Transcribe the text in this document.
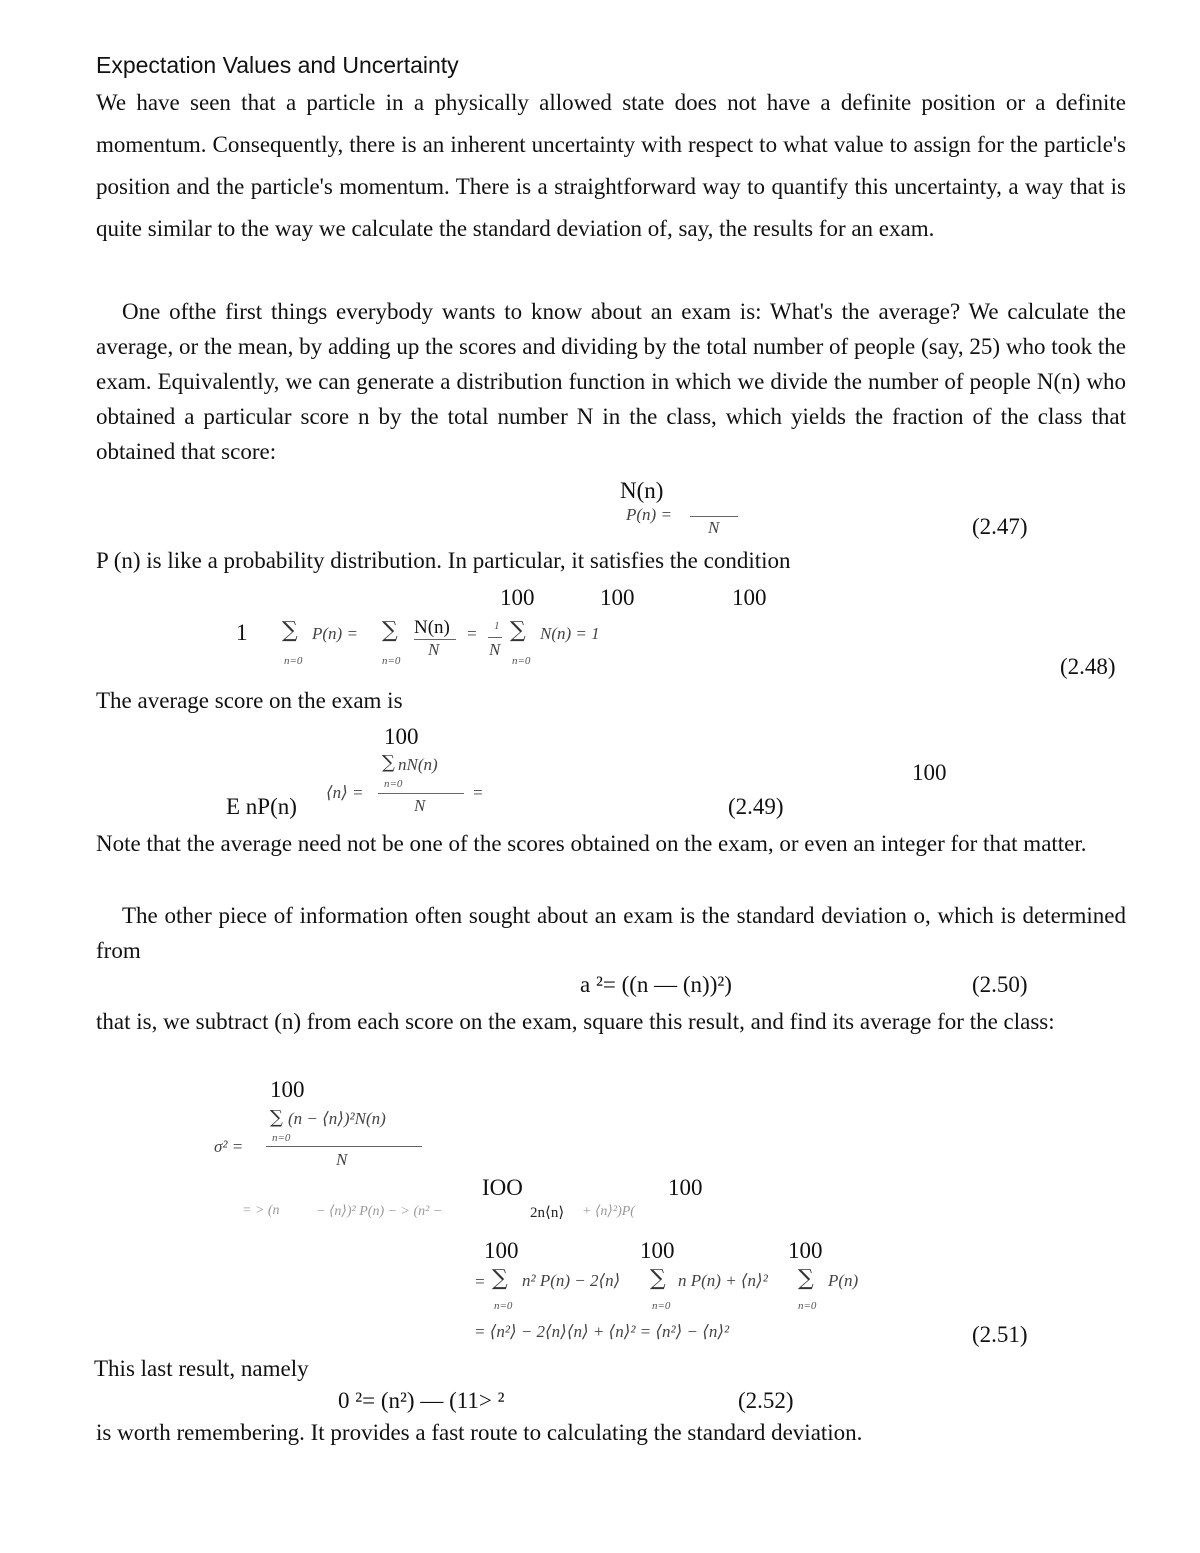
Expectation Values and Uncertainty
We have seen that a particle in a physically allowed state does not have a definite position or a definite momentum. Consequently, there is an inherent uncertainty with respect to what value to assign for the particle's position and the particle's momentum. There is a straightforward way to quantify this uncertainty, a way that is quite similar to the way we calculate the standard deviation of, say, the results for an exam.
One ofthe first things everybody wants to know about an exam is: What's the average? We calculate the average, or the mean, by adding up the scores and dividing by the total number of people (say, 25) who took the exam. Equivalently, we can generate a distribution function in which we divide the number of people N(n) who obtained a particular score n by the total number N in the class, which yields the fraction of the class that obtained that score:
N(n)
P(n) =
N	(2.47)
P (n) is like a probability distribution. In particular, it satisfies the condition
100	100	100
1 ∑ P(n) = ∑ N(n)
N
= 1
N
∑ N(n) = 1
n=0	n=0	n=0	(2.48)
The average score on the exam is
100
∑ nN(n)
n=0
⟨n⟩ =
N
=
100
E nP(n)	(2.49)
Note that the average need not be one of the scores obtained on the exam, or even an integer for that matter.
The other piece of information often sought about an exam is the standard deviation o, which is determined from
a ²= ((n — (n))²)	(2.50)
that is, we subtract (n) from each score on the exam, square this result, and find its average for the class:
100
∑ (n − ⟨n⟩)²N(n)
n=0
σ² =
N
IOO	100
= > (n	− ⟨n⟩)² P(n) − > (n² −	2n⟨n⟩ + ⟨n⟩²)P(
100	100	100
= ∑ n² P(n) − 2⟨n⟩ ∑ n P(n) + ⟨n⟩² ∑ P(n)
n=0	n=0	n=0
= ⟨n²⟩ − 2⟨n⟩⟨n⟩ + ⟨n⟩² = ⟨n²⟩ − ⟨n⟩²	(2.51)
This last result, namely
0 ²= (n²) — (11> ²	(2.52)
is worth remembering. It provides a fast route to calculating the standard deviation.
